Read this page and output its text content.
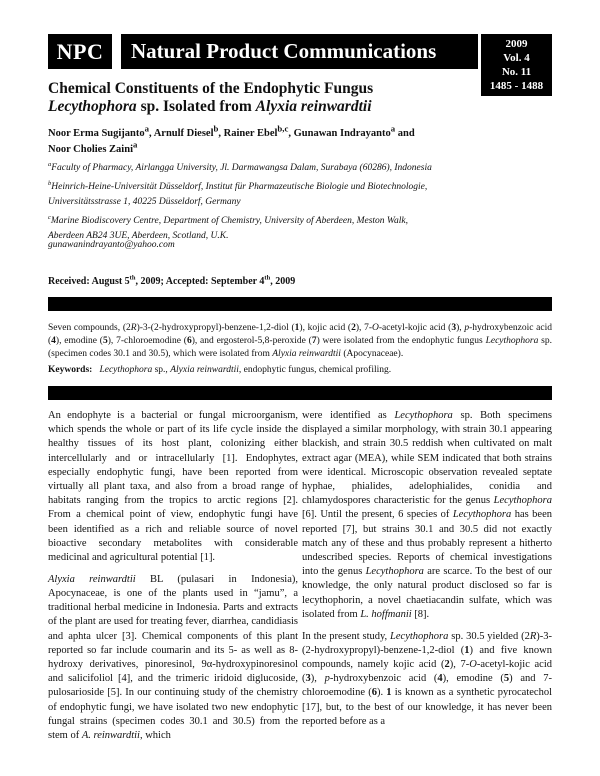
NPC Natural Product Communications	2009
Vol. 4
No. 11
1485 - 1488
Chemical Constituents of the Endophytic Fungus
Lecythophora sp. Isolated from Alyxia reinwardtii
Noor Erma Sugijanto$^a$, Arnulf Diesel$^b$, Rainer Ebel$^{b,c}$, Gunawan Indrayanto$^a$ and
Noor Cholies Zaini$^a$

$^a$Faculty of Pharmacy, Airlangga University, Jl. Darmawangsa Dalam, Surabaya (60286), Indonesia

$^b$Heinrich-Heine-Universität Düsseldorf, Institut für Pharmazeutische Biologie und Biotechnologie,
Universitätsstrasse 1, 40225 Düsseldorf, Germany

$^c$Marine Biodiscovery Centre, Department of Chemistry, University of Aberdeen, Meston Walk,
Aberdeen AB24 3UE, Aberdeen, Scotland, U.K.

gunawanindrayanto@yahoo.com
Received: August 5th, 2009; Accepted: September 4th, 2009
Seven compounds, (2R)-3-(2-hydroxypropyl)-benzene-1,2-diol (1), kojic acid (2), 7-O-acetyl-kojic acid (3), p-hydroxybenzoic acid (4), emodine (5), 7-chloroemodine (6), and ergosterol-5,8-peroxide (7) were isolated from the endophytic fungus Lecythophora sp. (specimen codes 30.1 and 30.5), which were isolated from Alyxia reinwardtii (Apocynaceae).
Keywords: Lecythophora sp., Alyxia reinwardtii, endophytic fungus, chemical profiling.

An endophyte is a bacterial or fungal microorganism, which spends the whole or part of its life cycle inside the healthy tissues of its host plant, colonizing either intercellularly and or intracellularly [1]. Endophytes, especially endophytic fungi, have been reported from virtually all plant taxa, and also from a broad range of habitats ranging from the tropics to arctic regions [2]. From a chemical point of view, endophytic fungi have been identified as a rich and reliable source of novel bioactive secondary metabolites with considerable medicinal and agricultural potential [1].

Alyxia reinwardtii BL (pulasari in Indonesia), Apocynaceae, is one of the plants used in “jamu”, a traditional herbal medicine in Indonesia. Parts and extracts of the plant are used for treating fever, diarrhea, candidiasis and aphta ulcer [3]. Chemical components of this plant reported so far include coumarin and its 5- as well as 8-hydroxy derivatives, pinoresinol, 9α-hydroxypinoresinol and salicifoliol [4], and the trimeric iridoid diglucoside, pulosarioside [5]. In our continuing study of the chemistry of endophytic fungi, we have isolated two new endophytic fungal strains (specimen codes 30.1 and 30.5) from the stem of A. reinwardtii, which

were identified as Lecythophora sp. Both specimens displayed a similar morphology, with strain 30.1 appearing blackish, and strain 30.5 reddish when cultivated on malt extract agar (MEA), while SEM indicated that both strains were identical. Microscopic observation revealed septate hyphae, phialides, adelophialides, conidia and chlamydospores characteristic for the genus Lecythophora [6]. Until the present, 6 species of Lecythophora has been reported [7], but strains 30.1 and 30.5 did not exactly match any of these and thus probably represent a hitherto undescribed species. Reports of chemical investigations into the genus Lecythophora are scarce. To the best of our knowledge, the only natural product disclosed so far is lecythophorin, a novel chaetiacandin sulfate, which was isolated from L. hoffmanii [8].

In the present study, Lecythophora sp. 30.5 yielded (2R)-3-(2-hydroxypropyl)-benzene-1,2-diol (1) and five known compounds, namely kojic acid (2), 7-O-acetyl-kojic acid (3), p-hydroxybenzoic acid (4), emodine (5) and 7-chloroemodine (6). 1 is known as a synthetic pyrocatechol [17], but, to the best of our knowledge, it has never been reported before as a
